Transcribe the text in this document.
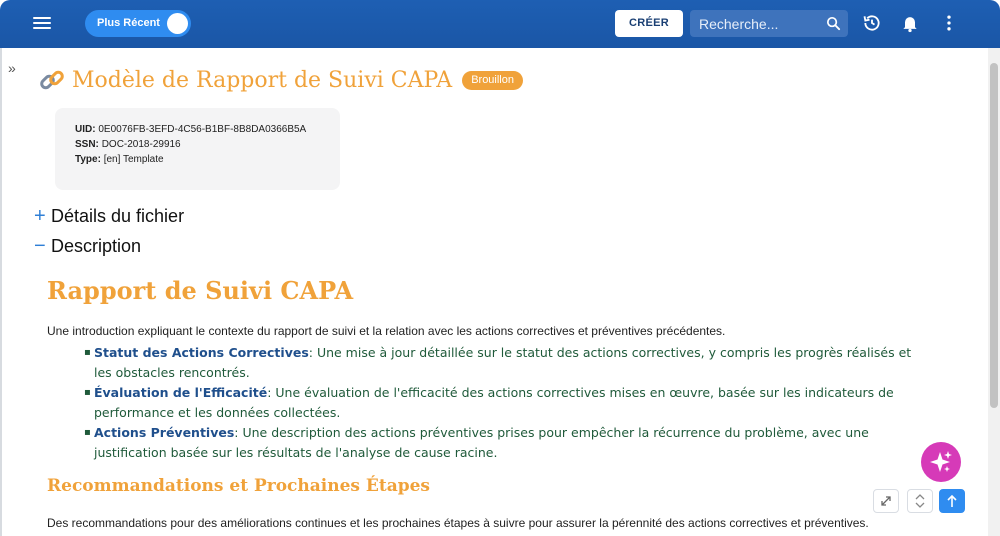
Plus Récent	CRÉER
Recherche...
»	Modèle de Rapport de Suivi CAPA	Brouillon
UID: 0E0076FB-3EFD-4C56-B1BF-8B8DA0366B5A
SSN: DOC-2018-29916
Type: [en] Template
+ Détails du fichier
− Description
Rapport de Suivi CAPA
Une introduction expliquant le contexte du rapport de suivi et la relation avec les actions correctives et préventives précédentes.
▪ Statut des Actions Correctives: Une mise à jour détaillée sur le statut des actions correctives, y compris les progrès réalisés et les obstacles rencontrés.
▪ Évaluation de l'Efficacité: Une évaluation de l'efficacité des actions correctives mises en œuvre, basée sur les indicateurs de performance et les données collectées.
▪ Actions Préventives: Une description des actions préventives prises pour empêcher la récurrence du problème, avec une justification basée sur les résultats de l'analyse de cause racine.
Recommandations et Prochaines Étapes
Des recommandations pour des améliorations continues et les prochaines étapes à suivre pour assurer la pérennité des actions correctives et préventives.
